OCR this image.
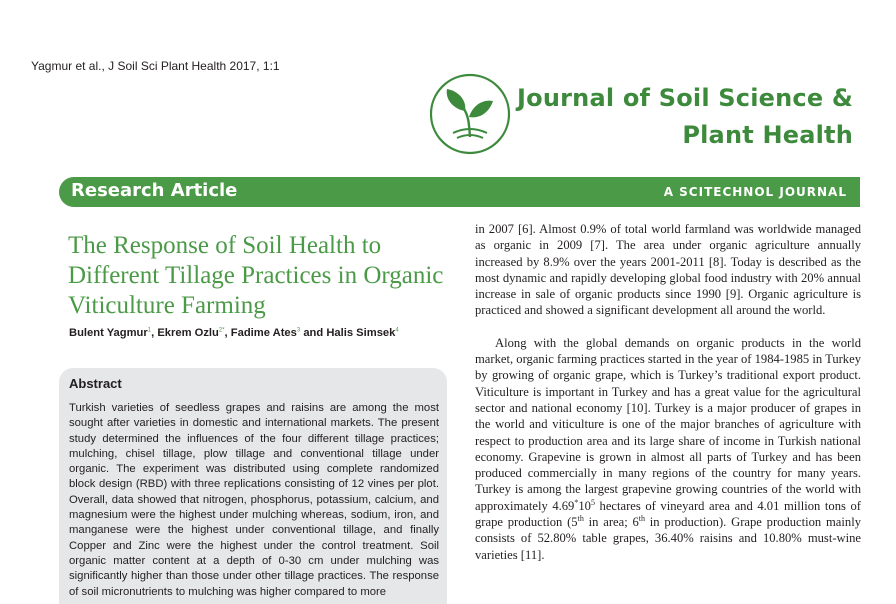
Yagmur et al., J Soil Sci Plant Health 2017, 1:1
Journal of Soil Science &
Plant Health
Research Article	A SCITECHNOL JOURNAL
The Response of Soil Health to Different Tillage Practices in Organic Viticulture Farming
Bulent Yagmur$^1$, Ekrem Ozlu$^{2*}$, Fadime Ates$^3$ and Halis Simsek$^4$
Abstract
Turkish varieties of seedless grapes and raisins are among the most sought after varieties in domestic and international markets. The present study determined the influences of the four different tillage practices; mulching, chisel tillage, plow tillage and conventional tillage under organic. The experiment was distributed using complete randomized block design (RBD) with three replications consisting of 12 vines per plot. Overall, data showed that nitrogen, phosphorus, potassium, calcium, and magnesium were the highest under mulching whereas, sodium, iron, and manganese were the highest under conventional tillage, and finally Copper and Zinc were the highest under the control treatment. Soil organic matter content at a depth of 0-30 cm under mulching was significantly higher than those under other tillage practices. The response of soil micronutrients to mulching was higher compared to more

in 2007 [6]. Almost 0.9% of total world farmland was worldwide managed as organic in 2009 [7]. The area under organic agriculture annually increased by 8.9% over the years 2001-2011 [8]. Today is described as the most dynamic and rapidly developing global food industry with 20% annual increase in sale of organic products since 1990 [9]. Organic agriculture is practiced and showed a significant development all around the world.

Along with the global demands on organic products in the world market, organic farming practices started in the year of 1984-1985 in Turkey by growing of organic grape, which is Turkey’s traditional export product. Viticulture is important in Turkey and has a great value for the agricultural sector and national economy [10]. Turkey is a major producer of grapes in the world and viticulture is one of the major branches of agriculture with respect to production area and its large share of income in Turkish national economy. Grapevine is grown in almost all parts of Turkey and has been produced commercially in many regions of the country for many years. Turkey is among the largest grapevine growing countries of the world with approximately $4.69^*10^5$ hectares of vineyard area and 4.01 million tons of grape production (5th in area; 6th in production). Grape production mainly consists of 52.80% table grapes, 36.40% raisins and 10.80% must-wine varieties [11].
